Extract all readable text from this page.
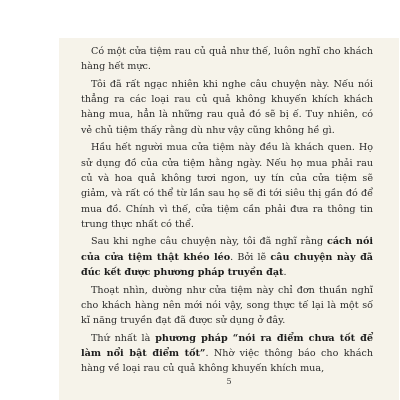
Có một cửa tiệm rau củ quả như thế, luôn nghĩ cho khách hàng hết mực.

Tôi đã rất ngạc nhiên khi nghe câu chuyện này. Nếu nói thẳng ra các loại rau củ quả không khuyến khích khách hàng mua, hẳn là những rau quả đó sẽ bị ế. Tuy nhiên, có vẻ chủ tiệm thấy rằng dù như vậy cũng không hề gì.

Hầu hết người mua cửa tiệm này đều là khách quen. Họ sử dụng đồ của cửa tiệm hằng ngày. Nếu họ mua phải rau củ và hoa quả không tươi ngon, uy tín của cửa tiệm sẽ giảm, và rất có thể từ lần sau họ sẽ đi tới siêu thị gần đó để mua đồ. Chính vì thế, cửa tiệm cần phải đưa ra thông tin trung thực nhất có thể.

Sau khi nghe câu chuyện này, tôi đã nghĩ rằng cách nói của cửa tiệm thật khéo léo. Bởi lẽ câu chuyện này đã đúc kết được phương pháp truyền đạt.

Thoạt nhìn, dường như cửa tiệm này chỉ đơn thuần nghĩ cho khách hàng nên mới nói vậy, song thực tế lại là một số kĩ năng truyền đạt đã được sử dụng ở đây.

Thứ nhất là phương pháp “nói ra điểm chưa tốt để làm nổi bật điểm tốt”. Nhờ việc thông báo cho khách hàng về loại rau củ quả không khuyến khích mua,

5
